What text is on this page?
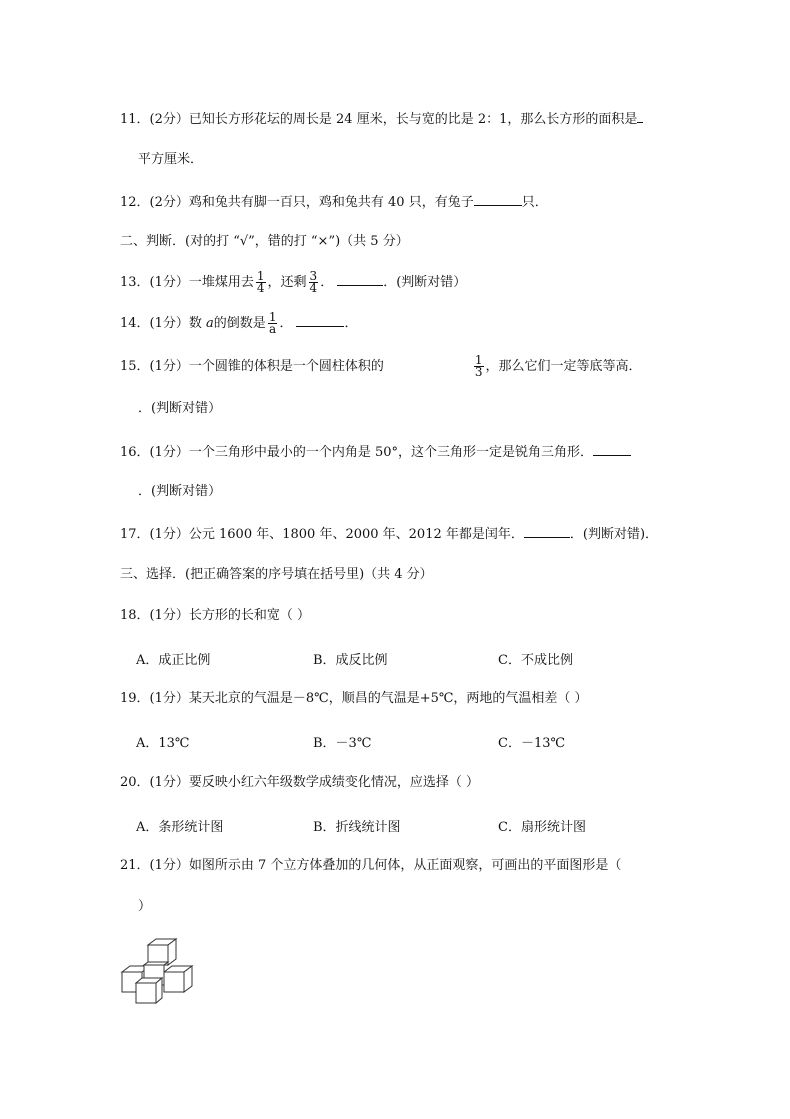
11．(2分）已知长方形花坛的周长是 24 厘米，长与宽的比是 2：1，那么长方形的面积是
平方厘米．
12．(2分）鸡和兔共有脚一百只，鸡和兔共有 40 只，有兔子	只．
二、判断．(对的打 “√”，错的打 “×”)（共 5 分）
13．(1分）一堆煤用去 $\frac{1}{4}$ ，还剩 $\frac{3}{4}$ ．	．(判断对错）
14．(1分）数 a的倒数是 $\frac{1}{a}$ ．	．
15．(1分）一个圆锥的体积是一个圆柱体积的	$\frac{1}{3}$ ，那么它们一定等底等高．
．(判断对错）
16．(1分）一个三角形中最小的一个内角是 50°，这个三角形一定是锐角三角形．
．(判断对错）
17．(1分）公元 1600 年、1800 年、2000 年、2012 年都是闰年．	．(判断对错)．
三、选择．(把正确答案的序号填在括号里)（共 4 分）
18．(1分）长方形的长和宽（ ）
A．成正比例	B．成反比例	C．不成比例
19．(1分）某天北京的气温是－8℃，顺昌的气温是+5℃，两地的气温相差（ ）
A．13℃	B．－3℃	C．－13℃
20．(1分）要反映小红六年级数学成绩变化情况，应选择（ ）
A．条形统计图	B．折线统计图	C．扇形统计图
21．(1分）如图所示由 7 个立方体叠加的几何体，从正面观察，可画出的平面图形是（
）
